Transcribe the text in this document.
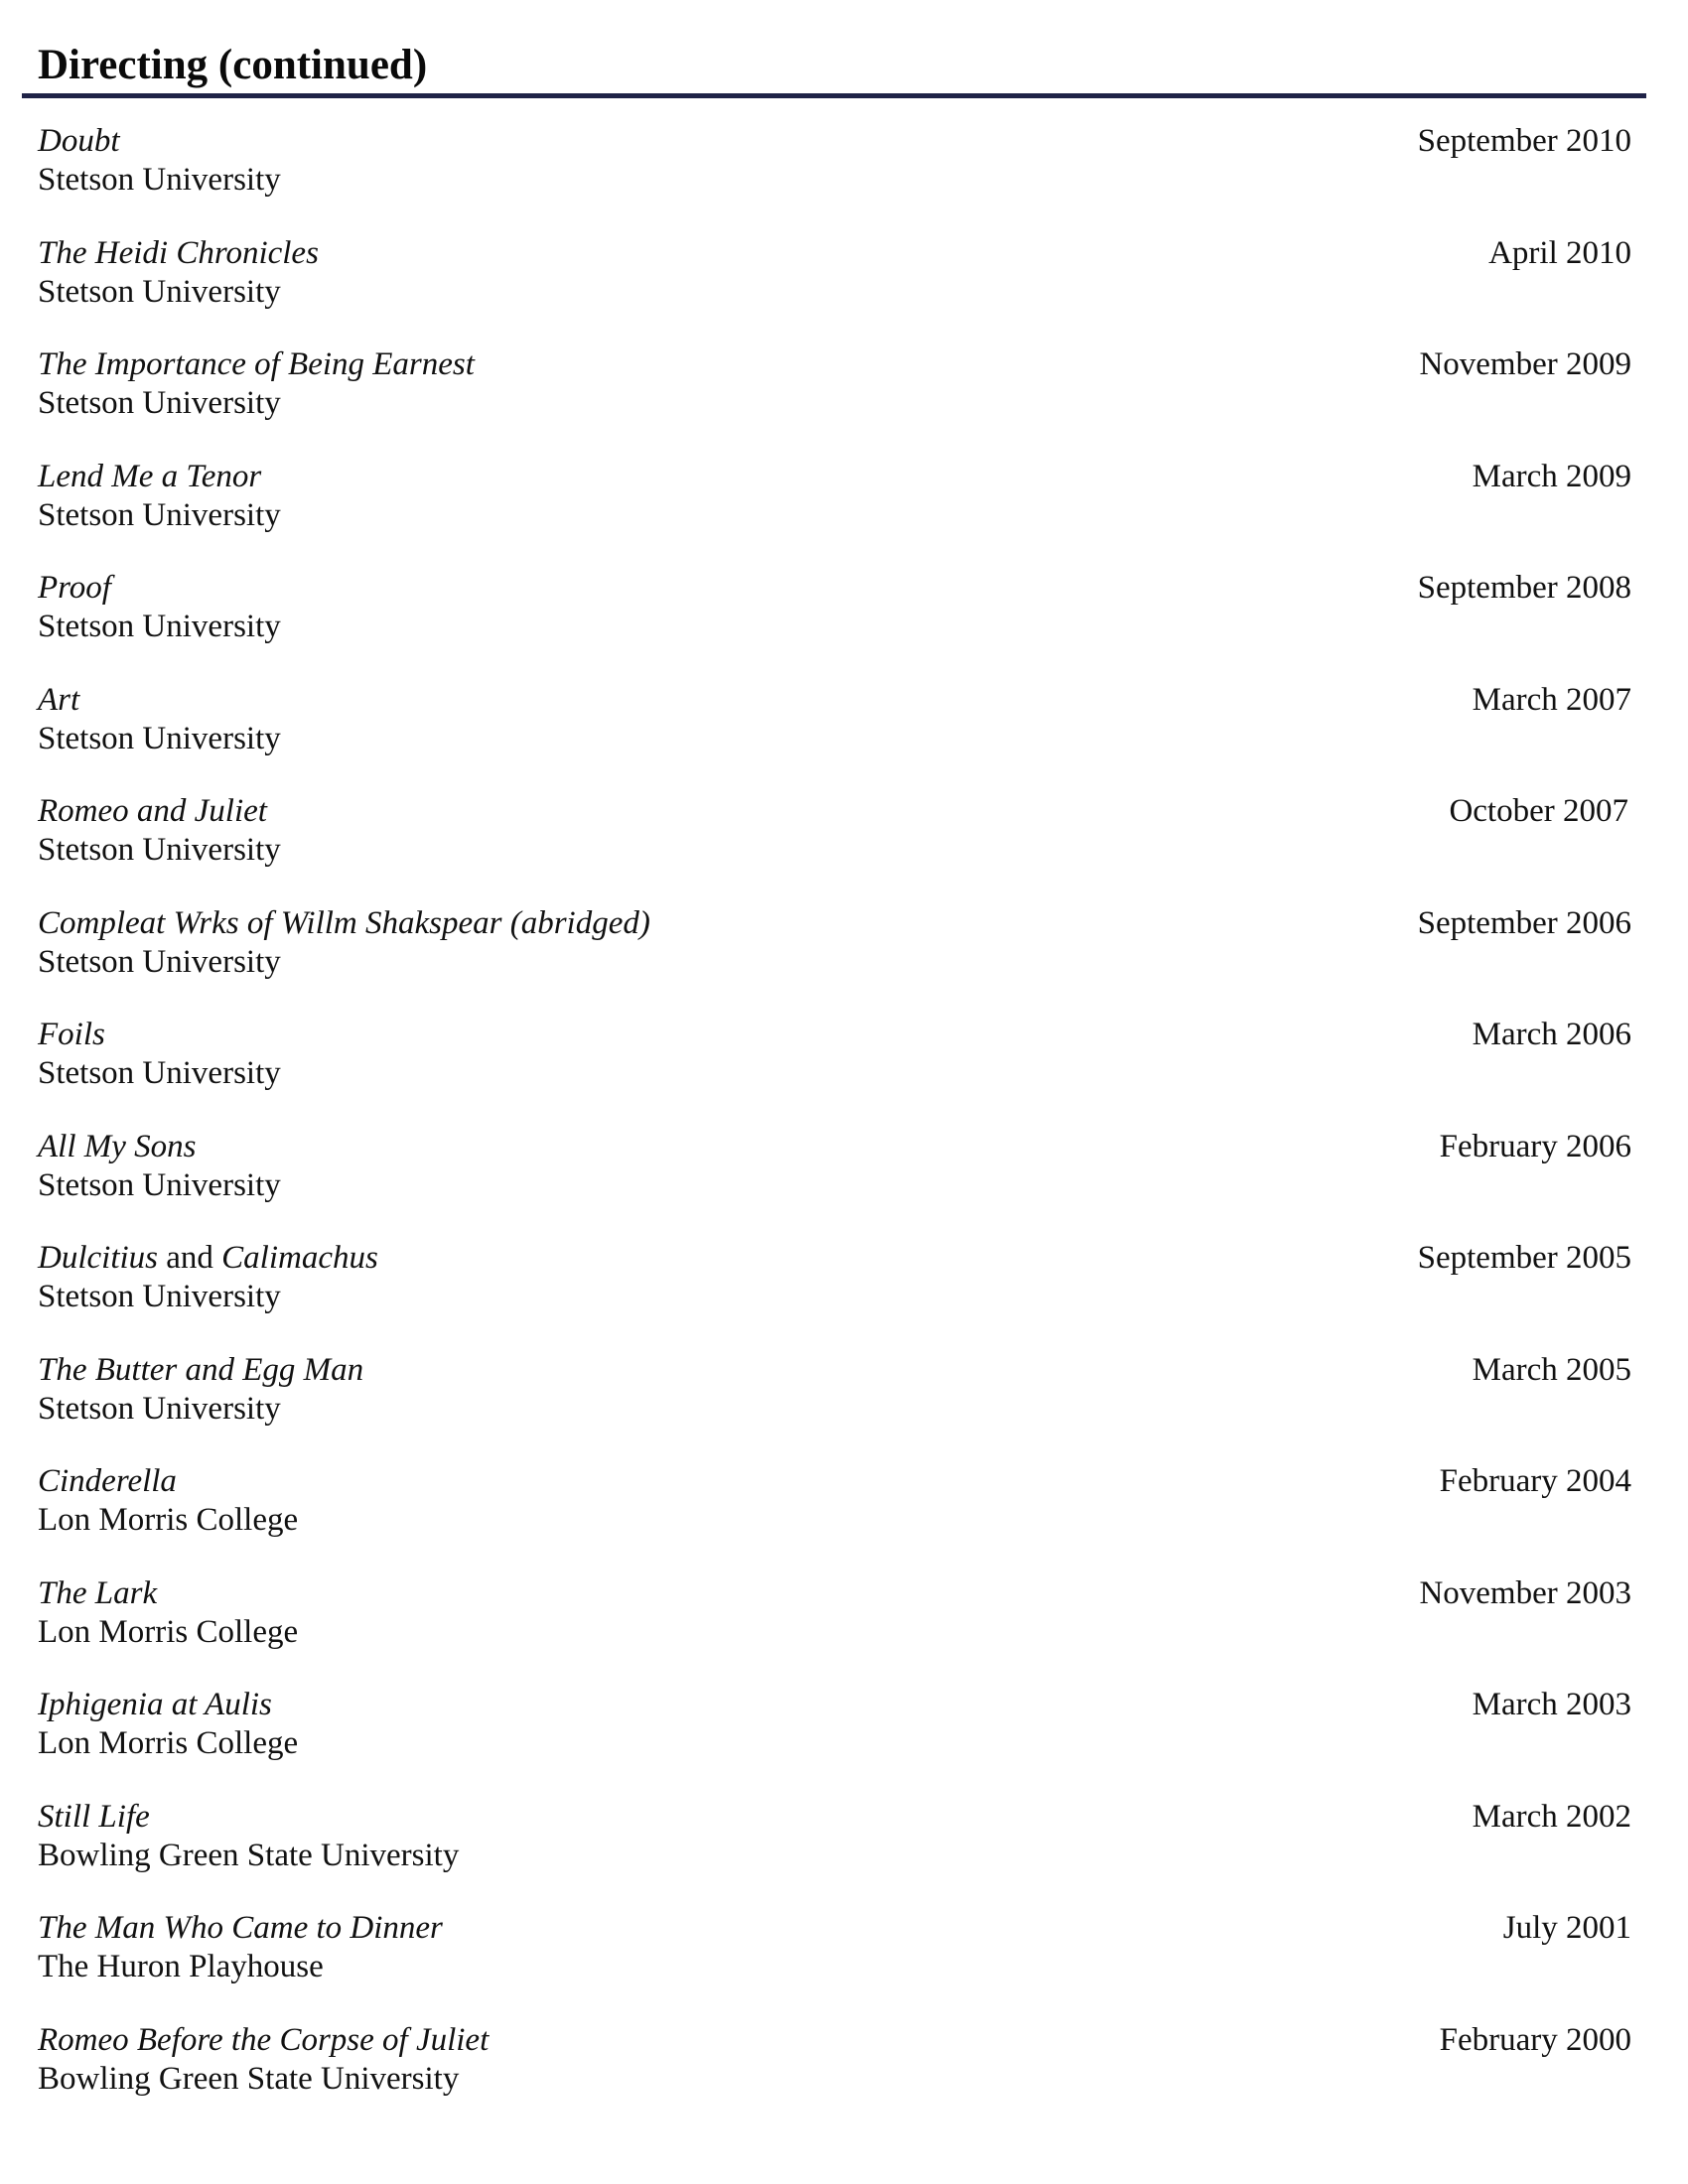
Directing (continued)
Doubt
Stetson University
September 2010
The Heidi Chronicles
Stetson University
April 2010
The Importance of Being Earnest
Stetson University
November 2009
Lend Me a Tenor
Stetson University
March 2009
Proof
Stetson University
September 2008
Art
Stetson University
March 2007
Romeo and Juliet
Stetson University
October 2007
Compleat Wrks of Willm Shakspear (abridged)
Stetson University
September 2006
Foils
Stetson University
March 2006
All My Sons
Stetson University
February 2006
Dulcitius and Calimachus
Stetson University
September 2005
The Butter and Egg Man
Stetson University
March 2005
Cinderella
Lon Morris College
February 2004
The Lark
Lon Morris College
November 2003
Iphigenia at Aulis
Lon Morris College
March 2003
Still Life
Bowling Green State University
March 2002
The Man Who Came to Dinner
The Huron Playhouse
July 2001
Romeo Before the Corpse of Juliet
Bowling Green State University
February 2000
